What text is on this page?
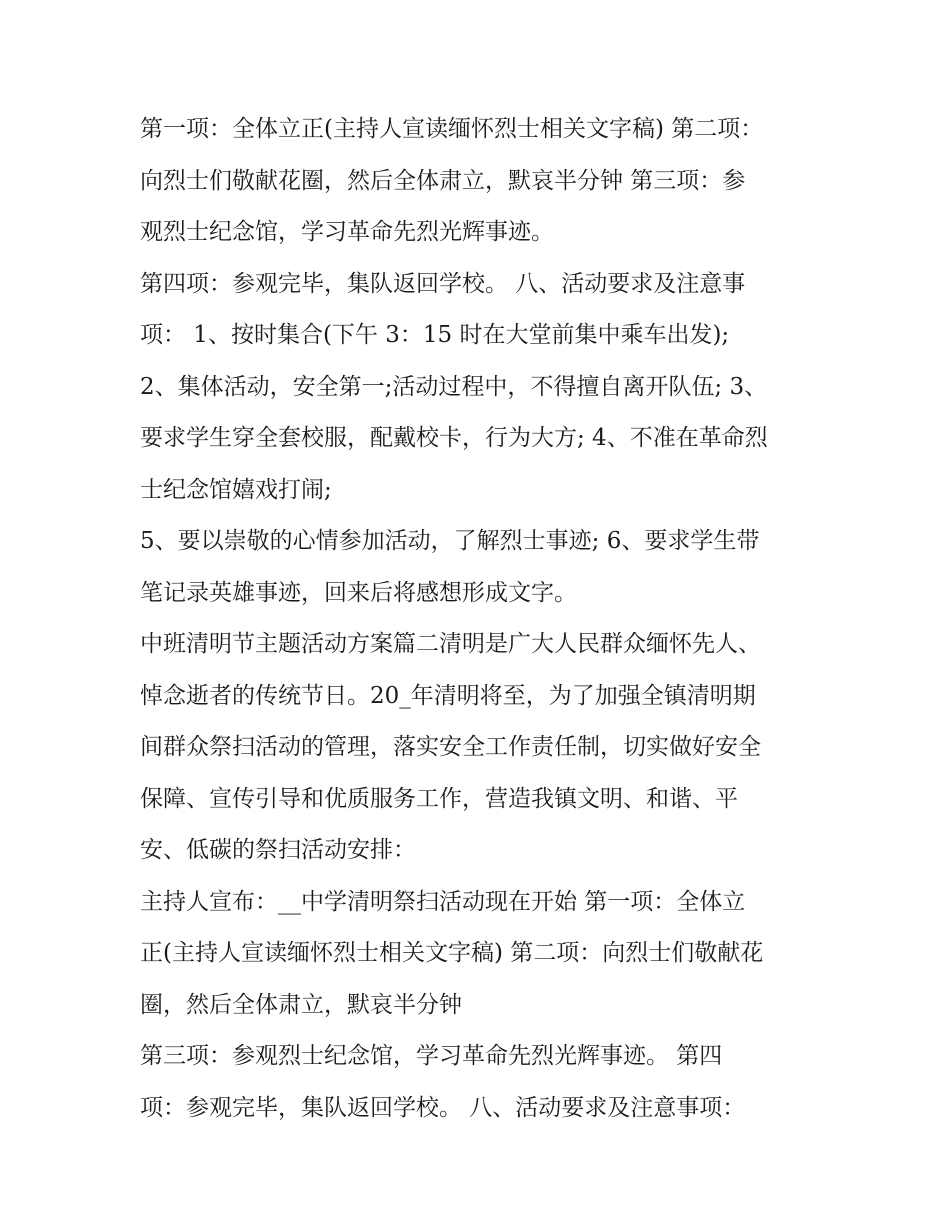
第一项：全体立正(主持人宣读缅怀烈士相关文字稿) 第二项：
向烈士们敬献花圈，然后全体肃立，默哀半分钟 第三项：参
观烈士纪念馆，学习革命先烈光辉事迹。
第四项：参观完毕，集队返回学校。 八、活动要求及注意事
项： 1、按时集合(下午 3：15 时在大堂前集中乘车出发);
2、集体活动，安全第一;活动过程中，不得擅自离开队伍; 3、
要求学生穿全套校服，配戴校卡，行为大方; 4、不准在革命烈
士纪念馆嬉戏打闹;
5、要以崇敬的心情参加活动，了解烈士事迹; 6、要求学生带
笔记录英雄事迹，回来后将感想形成文字。
中班清明节主题活动方案篇二清明是广大人民群众缅怀先人、
悼念逝者的传统节日。20_年清明将至，为了加强全镇清明期
间群众祭扫活动的管理，落实安全工作责任制，切实做好安全
保障、宣传引导和优质服务工作，营造我镇文明、和谐、平
安、低碳的祭扫活动安排：
主持人宣布：__中学清明祭扫活动现在开始 第一项：全体立
正(主持人宣读缅怀烈士相关文字稿) 第二项：向烈士们敬献花
圈，然后全体肃立，默哀半分钟
第三项：参观烈士纪念馆，学习革命先烈光辉事迹。 第四
项：参观完毕，集队返回学校。 八、活动要求及注意事项：
